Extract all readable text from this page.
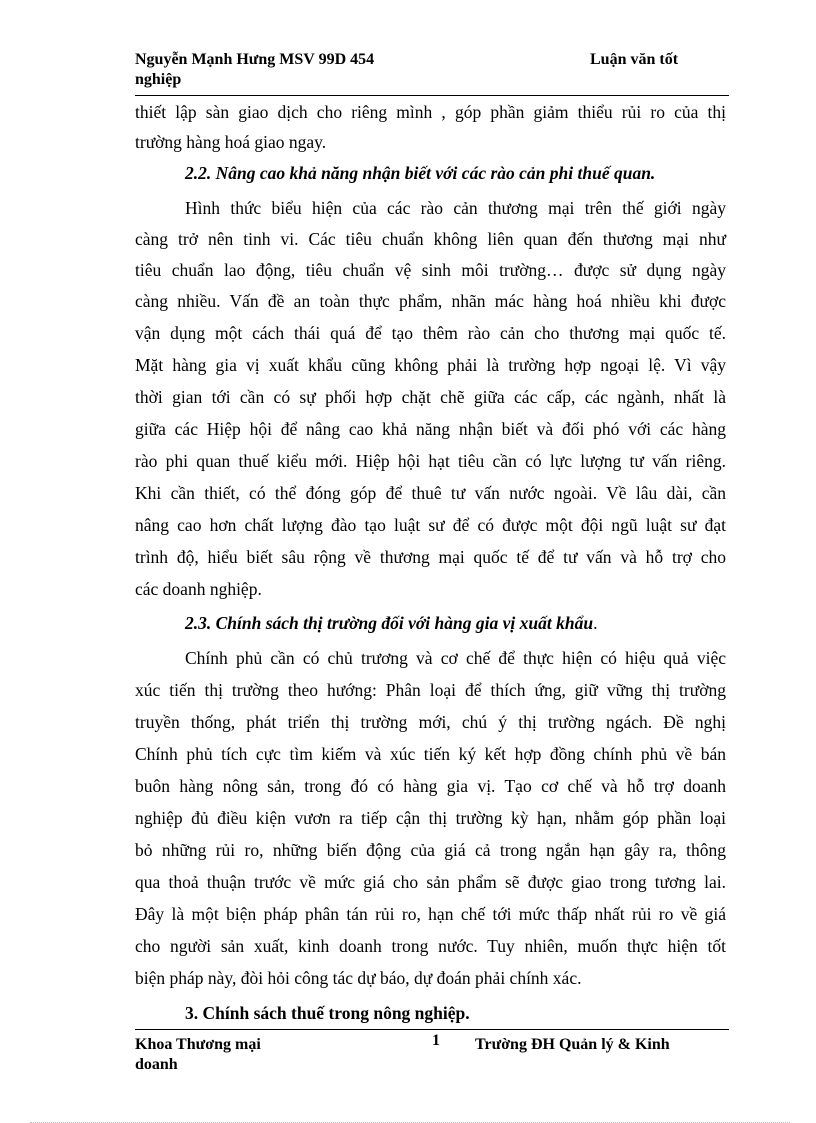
Nguyễn Mạnh Hưng MSV 99D 454
nghiệp
Luận văn tốt
thiết lập sàn giao dịch cho riêng mình , góp phần giảm thiểu rủi ro của thị
trường hàng hoá giao ngay.
2.2. Nâng cao khả năng nhận biết với các rào cản phi thuế quan.
Hình thức biểu hiện của các rào cản thương mại trên thế giới ngày
càng trở nên tinh vi. Các tiêu chuẩn không liên quan đến thương mại như
tiêu chuẩn lao động, tiêu chuẩn vệ sinh môi trường… được sử dụng ngày
càng nhiều. Vấn đề an toàn thực phẩm, nhãn mác hàng hoá nhiều khi được
vận dụng một cách thái quá để tạo thêm rào cản cho thương mại quốc tế.
Mặt hàng gia vị xuất khẩu cũng không phải là trường hợp ngoại lệ. Vì vậy
thời gian tới cần có sự phối hợp chặt chẽ giữa các cấp, các ngành, nhất là
giữa các Hiệp hội để nâng cao khả năng nhận biết và đối phó với các hàng
rào phi quan thuế kiểu mới. Hiệp hội hạt tiêu cần có lực lượng tư vấn riêng.
Khi cần thiết, có thể đóng góp để thuê tư vấn nước ngoài. Về lâu dài, cần
nâng cao hơn chất lượng đào tạo luật sư để có được một đội ngũ luật sư đạt
trình độ, hiểu biết sâu rộng về thương mại quốc tế để tư vấn và hỗ trợ cho
các doanh nghiệp.
2.3. Chính sách thị trường đối với hàng gia vị xuất khẩu.
Chính phủ cần có chủ trương và cơ chế để thực hiện có hiệu quả việc
xúc tiến thị trường theo hướng: Phân loại để thích ứng, giữ vững thị trường
truyền thống, phát triển thị trường mới, chú ý thị trường ngách. Đề nghị
Chính phủ tích cực tìm kiếm và xúc tiến ký kết hợp đồng chính phủ về bán
buôn hàng nông sản, trong đó có hàng gia vị. Tạo cơ chế và hỗ trợ doanh
nghiệp đủ điều kiện vươn ra tiếp cận thị trường kỳ hạn, nhằm góp phần loại
bỏ những rủi ro, những biến động của giá cả trong ngắn hạn gây ra, thông
qua thoả thuận trước về mức giá cho sản phẩm sẽ được giao trong tương lai.
Đây là một biện pháp phân tán rủi ro, hạn chế tới mức thấp nhất rủi ro về giá
cho người sản xuất, kinh doanh trong nước. Tuy nhiên, muốn thực hiện tốt
biện pháp này, đòi hỏi công tác dự báo, dự đoán phải chính xác.
3. Chính sách thuế trong nông nghiệp.
Khoa Thương mại
doanh
1 Trường ĐH Quản lý & Kinh
